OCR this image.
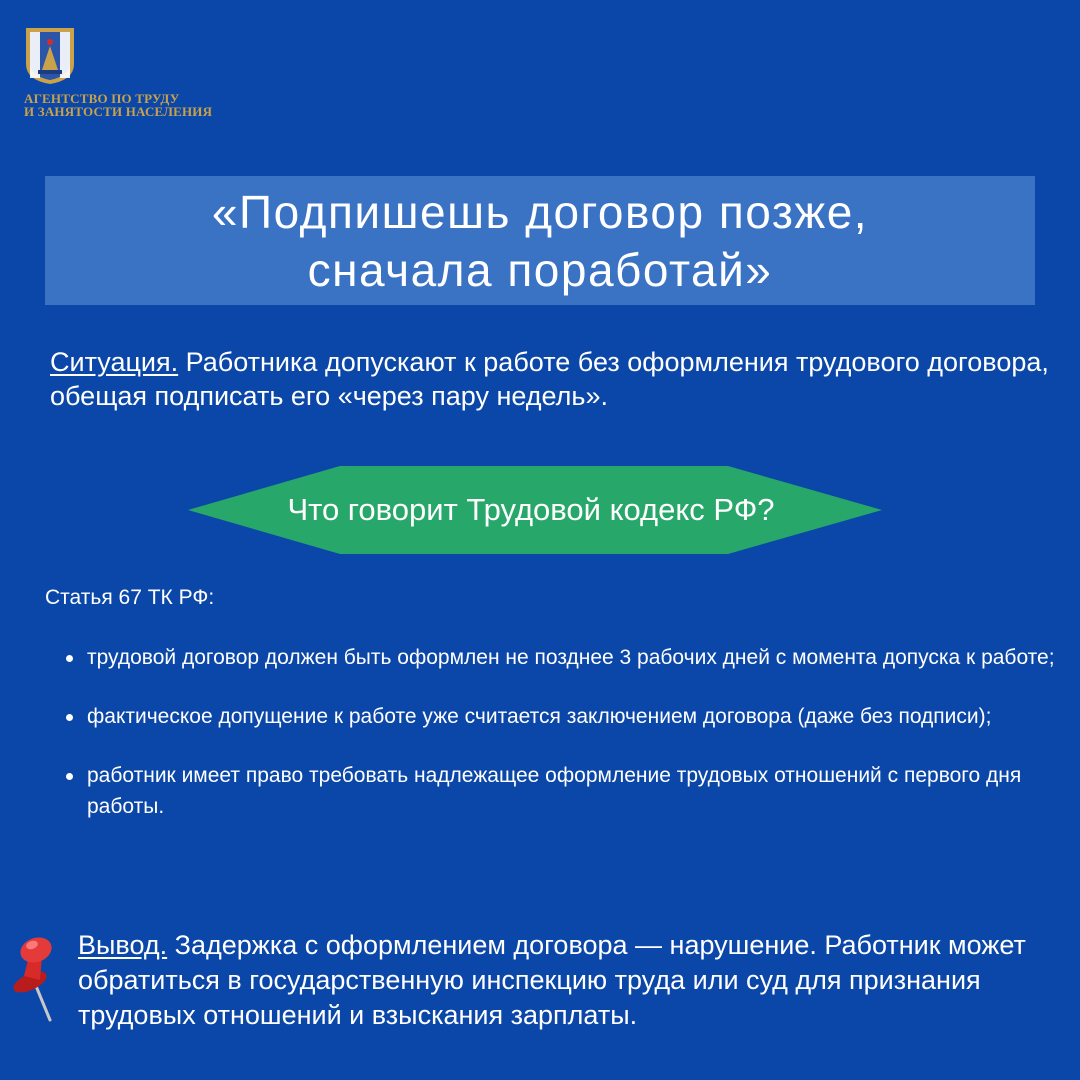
АГЕНТСТВО ПО ТРУДУ
И ЗАНЯТОСТИ НАСЕЛЕНИЯ
«Подпишешь договор позже,
сначала поработай»
Ситуация. Работника допускают к работе без оформления трудового договора, обещая подписать его «через пару недель».
Что говорит Трудовой кодекс РФ?
Статья 67 ТК РФ:
трудовой договор должен быть оформлен не позднее 3 рабочих дней с момента допуска к работе;
фактическое допущение к работе уже считается заключением договора (даже без подписи);
работник имеет право требовать надлежащее оформление трудовых отношений с первого дня работы.
Вывод. Задержка с оформлением договора — нарушение. Работник может обратиться в государственную инспекцию труда или суд для признания трудовых отношений и взыскания зарплаты.
